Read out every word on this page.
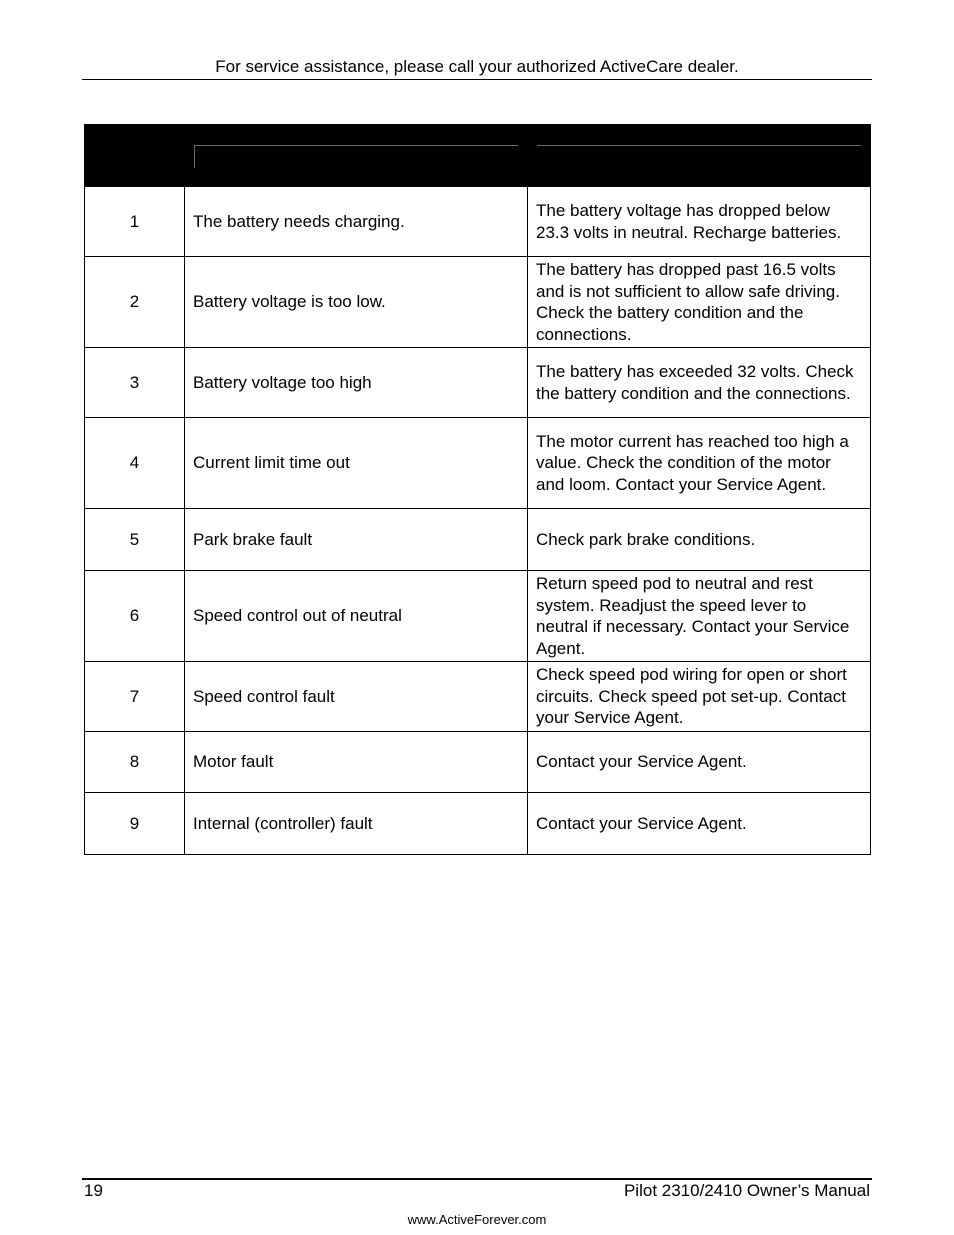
For service assistance, please call your authorized ActiveCare dealer.

1	The battery needs charging.	The battery voltage has dropped below 23.3 volts in neutral. Recharge batteries.
2	Battery voltage is too low.	The battery has dropped past 16.5 volts and is not sufficient to allow safe driving. Check the battery condition and the connections.
3	Battery voltage too high	The battery has exceeded 32 volts. Check the battery condition and the connections.
4	Current limit time out	The motor current has reached too high a value. Check the condition of the motor and loom. Contact your Service Agent.
5	Park brake fault	Check park brake conditions.
6	Speed control out of neutral	Return speed pod to neutral and rest system. Readjust the speed lever to neutral if necessary. Contact your Service Agent.
7	Speed control fault	Check speed pod wiring for open or short circuits. Check speed pot set-up. Contact your Service Agent.
8	Motor fault	Contact your Service Agent.
9	Internal (controller) fault	Contact your Service Agent.
19	Pilot 2310/2410 Owner’s Manual
www.ActiveForever.com
